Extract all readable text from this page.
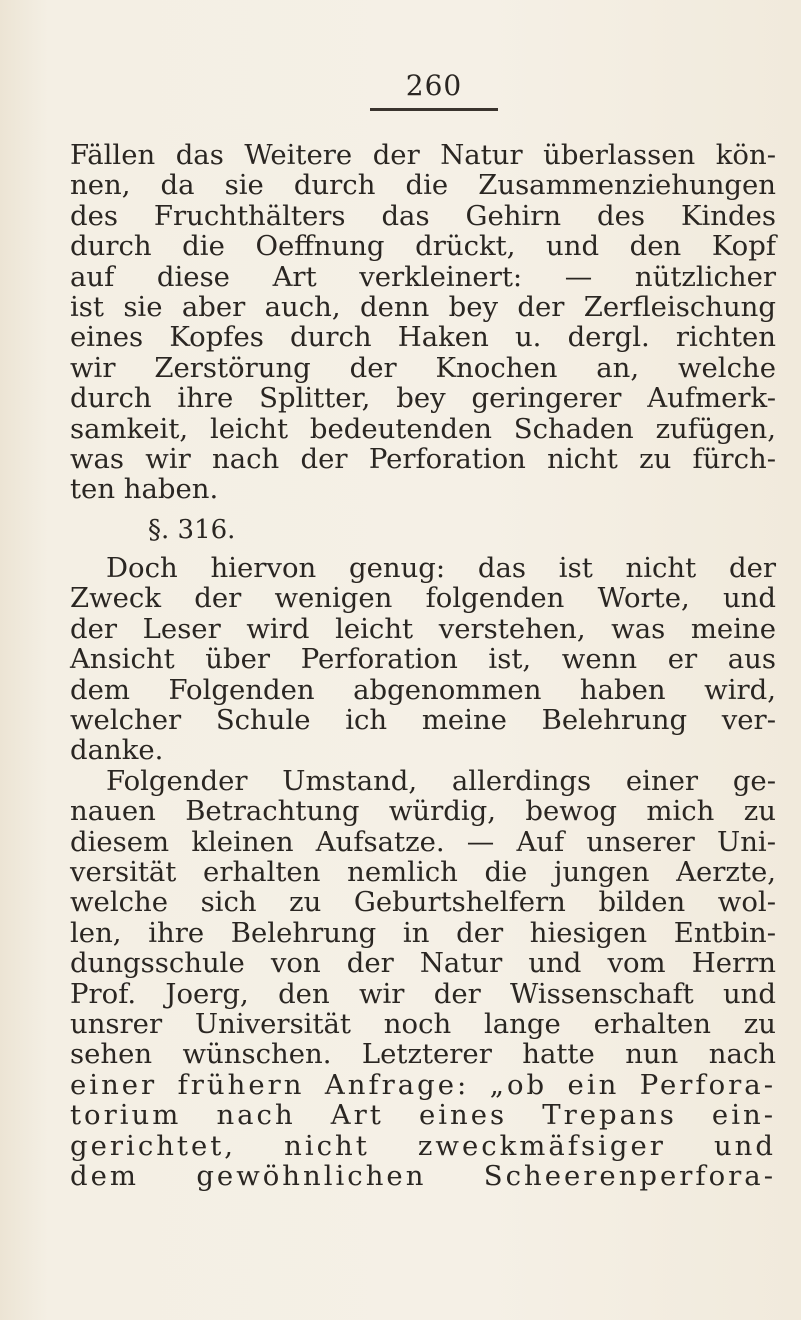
260
Fällen das Weitere der Natur überlassen kön-
nen, da sie durch die Zusammenziehungen
des Fruchthälters das Gehirn des Kindes
durch die Oeffnung drückt, und den Kopf
auf diese Art verkleinert: — nützlicher
ist sie aber auch, denn bey der Zerfleischung
eines Kopfes durch Haken u. dergl. richten
wir Zerstörung der Knochen an, welche
durch ihre Splitter, bey geringerer Aufmerk-
samkeit, leicht bedeutenden Schaden zufügen,
was wir nach der Perforation nicht zu fürch-
ten haben.
§. 316.
Doch hiervon genug: das ist nicht der
Zweck der wenigen folgenden Worte, und
der Leser wird leicht verstehen, was meine
Ansicht über Perforation ist, wenn er aus
dem Folgenden abgenommen haben wird,
welcher Schule ich meine Belehrung ver-
danke.
Folgender Umstand, allerdings einer ge-
nauen Betrachtung würdig, bewog mich zu
diesem kleinen Aufsatze. — Auf unserer Uni-
versität erhalten nemlich die jungen Aerzte,
welche sich zu Geburtshelfern bilden wol-
len, ihre Belehrung in der hiesigen Entbin-
dungsschule von der Natur und vom Herrn
Prof. Joerg, den wir der Wissenschaft und
unsrer Universität noch lange erhalten zu
sehen wünschen. Letzterer hatte nun nach
einer frühern Anfrage: „ob ein Perfora-
torium nach Art eines Trepans ein-
gerichtet, nicht zweckmäfsiger und
dem gewöhnlichen Scheerenperfora-
